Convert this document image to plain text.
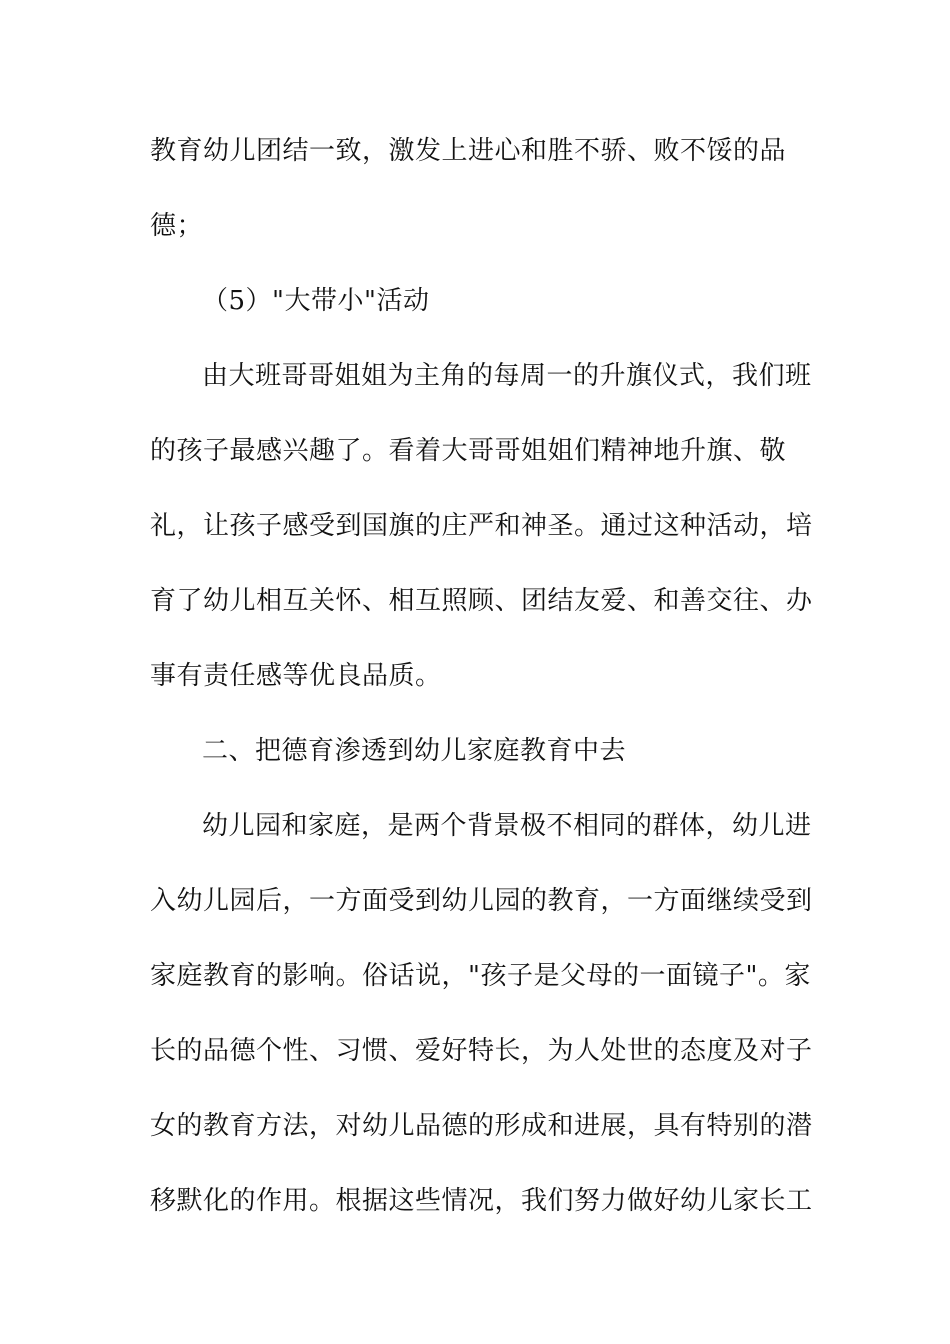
教育幼儿团结一致，激发上进心和胜不骄、败不馁的品
德；
（5）"大带小"活动
由大班哥哥姐姐为主角的每周一的升旗仪式，我们班
的孩子最感兴趣了。看着大哥哥姐姐们精神地升旗、敬
礼，让孩子感受到国旗的庄严和神圣。通过这种活动，培
育了幼儿相互关怀、相互照顾、团结友爱、和善交往、办
事有责任感等优良品质。
二、把德育渗透到幼儿家庭教育中去
幼儿园和家庭，是两个背景极不相同的群体，幼儿进
入幼儿园后，一方面受到幼儿园的教育，一方面继续受到
家庭教育的影响。俗话说，"孩子是父母的一面镜子"。家
长的品德个性、习惯、爱好特长，为人处世的态度及对子
女的教育方法，对幼儿品德的形成和进展，具有特别的潜
移默化的作用。根据这些情况，我们努力做好幼儿家长工
